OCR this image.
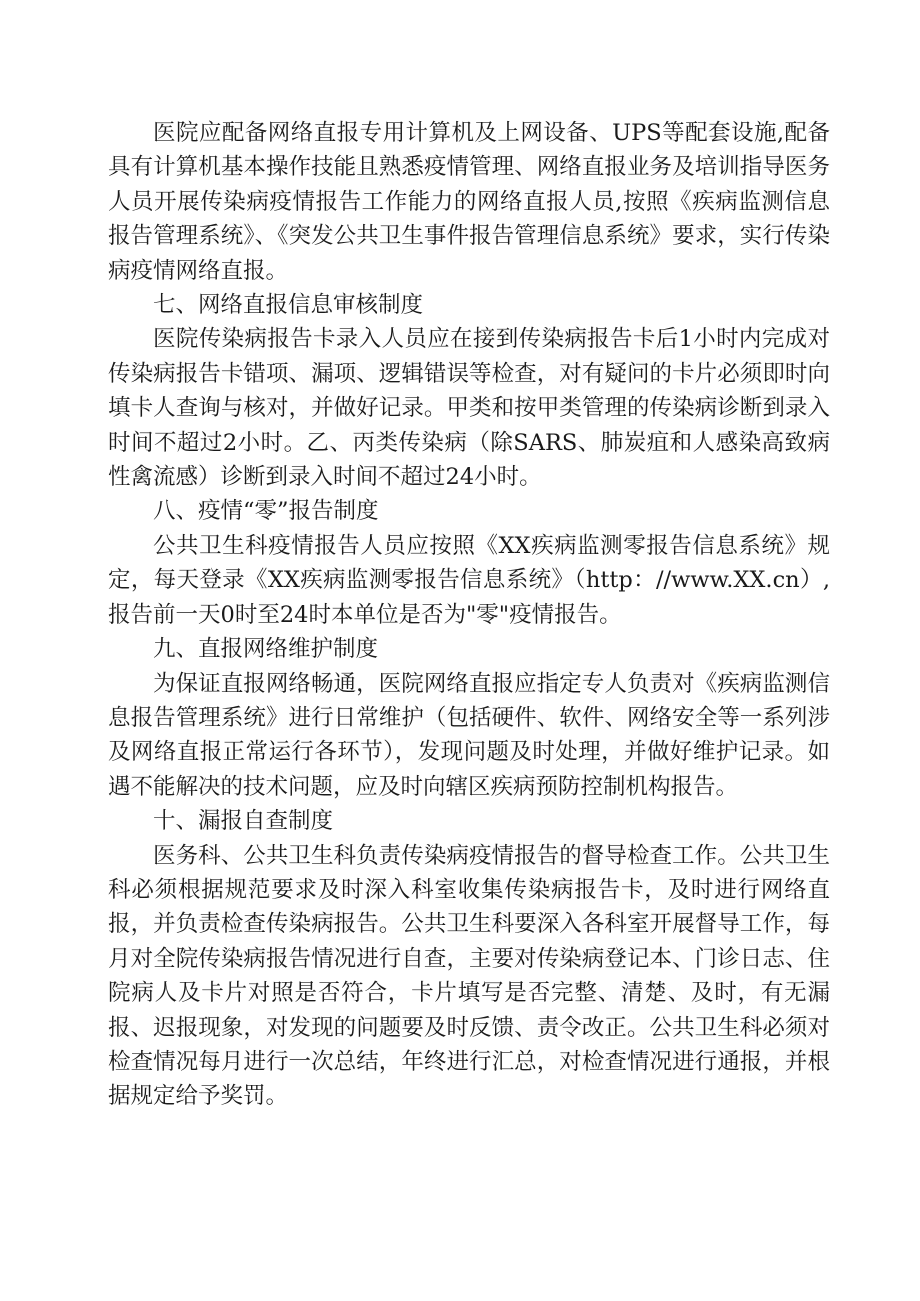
医院应配备网络直报专用计算机及上网设备、UPS等配套设施,配备具有计算机基本操作技能且熟悉疫情管理、网络直报业务及培训指导医务人员开展传染病疫情报告工作能力的网络直报人员,按照《疾病监测信息报告管理系统》、《突发公共卫生事件报告管理信息系统》要求，实行传染病疫情网络直报。

七、网络直报信息审核制度

医院传染病报告卡录入人员应在接到传染病报告卡后1小时内完成对传染病报告卡错项、漏项、逻辑错误等检查，对有疑问的卡片必须即时向填卡人查询与核对，并做好记录。甲类和按甲类管理的传染病诊断到录入时间不超过2小时。乙、丙类传染病（除SARS、肺炭疽和人感染高致病性禽流感）诊断到录入时间不超过24小时。

八、疫情“零”报告制度

公共卫生科疫情报告人员应按照《XX疾病监测零报告信息系统》规定，每天登录《XX疾病监测零报告信息系统》（http：//www.XX.cn）,报告前一天0时至24时本单位是否为"零"疫情报告。

九、直报网络维护制度

为保证直报网络畅通，医院网络直报应指定专人负责对《疾病监测信息报告管理系统》进行日常维护（包括硬件、软件、网络安全等一系列涉及网络直报正常运行各环节），发现问题及时处理，并做好维护记录。如遇不能解决的技术问题，应及时向辖区疾病预防控制机构报告。

十、漏报自查制度

医务科、公共卫生科负责传染病疫情报告的督导检查工作。公共卫生科必须根据规范要求及时深入科室收集传染病报告卡，及时进行网络直报，并负责检查传染病报告。公共卫生科要深入各科室开展督导工作，每月对全院传染病报告情况进行自查，主要对传染病登记本、门诊日志、住院病人及卡片对照是否符合，卡片填写是否完整、清楚、及时，有无漏报、迟报现象，对发现的问题要及时反馈、责令改正。公共卫生科必须对检查情况每月进行一次总结，年终进行汇总，对检查情况进行通报，并根据规定给予奖罚。
